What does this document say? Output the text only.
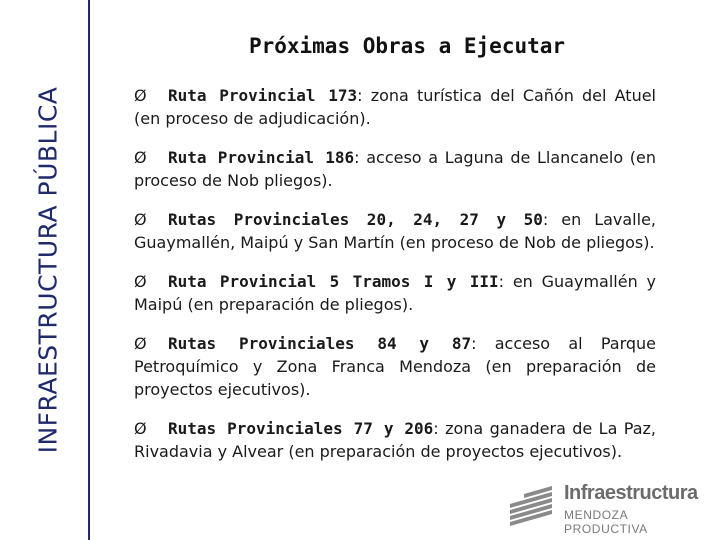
INFRAESTRUCTURA PÚBLICA
Próximas Obras a Ejecutar
Ø Ruta Provincial 173: zona turística del Cañón del Atuel (en proceso de adjudicación).
Ø Ruta Provincial 186: acceso a Laguna de Llancanelo (en proceso de Nob pliegos).
Ø Rutas Provinciales 20, 24, 27 y 50: en Lavalle, Guaymallén, Maipú y San Martín (en proceso de Nob de pliegos).
Ø Ruta Provincial 5 Tramos I y III: en Guaymallén y Maipú (en preparación de pliegos).
Ø Rutas Provinciales 84 y 87: acceso al Parque Petroquímico y Zona Franca Mendoza (en preparación de proyectos ejecutivos).
Ø Rutas Provinciales 77 y 206: zona ganadera de La Paz, Rivadavia y Alvear (en preparación de proyectos ejecutivos).
Infraestructura
MENDOZA PRODUCTIVA
